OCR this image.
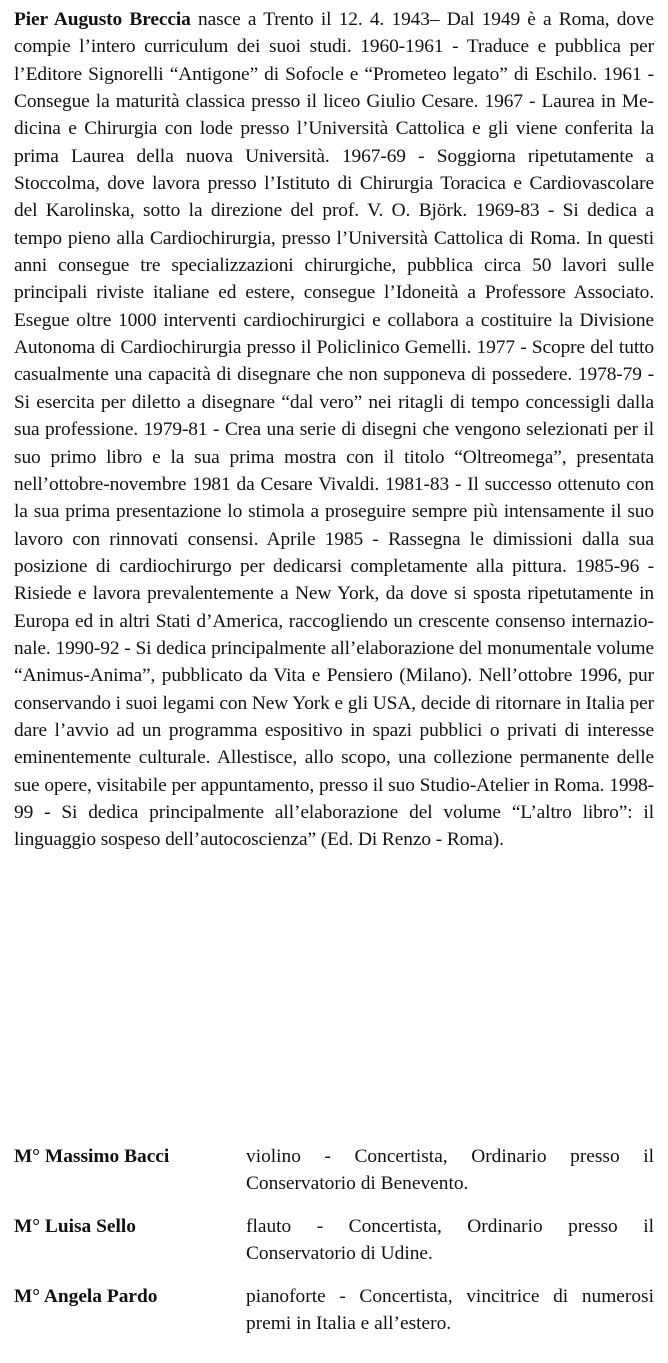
Pier Augusto Breccia nasce a Trento il 12. 4. 1943– Dal 1949 è a Roma, dove compie l’intero curriculum dei suoi studi. 1960-1961 - Traduce e pubblica per l’Editore Signorelli “Antigone” di Sofocle e “Prometeo legato” di Eschilo. 1961 - Consegue la maturità classica presso il liceo Giulio Cesare. 1967 - Laurea in Medicina e Chirurgia con lode presso l’Università Cattolica e gli viene conferita la prima Laurea della nuova Università. 1967-69 - Soggiorna ripetutamente a Stoccolma, dove lavora presso l’Istituto di Chirurgia Toracica e Cardiovascolare del Karolinska, sotto la direzione del prof. V. O. Björk. 1969-83 - Si dedica a tempo pieno alla Cardiochirurgia, presso l’Università Cattolica di Roma. In questi anni consegue tre specializzazioni chirurgiche, pubblica circa 50 lavori sulle principali riviste italiane ed estere, consegue l’Idoneità a Professore Associato. Esegue oltre 1000 interventi cardiochirurgici e collabora a costituire la Divisione Autonoma di Cardiochirurgia presso il Policlinico Gemelli. 1977 - Scopre del tutto casualmente una capacità di disegnare che non supponeva di possedere. 1978-79 - Si esercita per diletto a disegnare “dal vero” nei ritagli di tempo concessigli dalla sua professione. 1979-81 - Crea una serie di disegni che vengono selezionati per il suo primo libro e la sua prima mostra con il titolo “Oltreomega”, presentata nell’ottobre-novembre 1981 da Cesare Vivaldi. 1981-83 - Il successo ottenuto con la sua prima presentazione lo stimola a proseguire sempre più intensamente il suo lavoro con rinnovati consensi. Aprile 1985 - Rassegna le dimissioni dalla sua posizione di cardiochirurgo per dedicarsi completamente alla pittura. 1985-96 - Risiede e lavora prevalentemente a New York, da dove si sposta ripetutamente in Europa ed in altri Stati d’America, raccogliendo un crescente consenso internazionale. 1990-92 - Si dedica principalmente all’elaborazione del monumentale volume “Animus-Anima”, pubblicato da Vita e Pensiero (Milano). Nell’ottobre 1996, pur conservando i suoi legami con New York e gli USA, decide di ritornare in Italia per dare l’avvio ad un programma espositivo in spazi pubblici o privati di interesse eminentemente culturale. Allestisce, allo scopo, una collezione permanente delle sue opere, visitabile per appuntamento, presso il suo Studio-Atelier in Roma. 1998-99 - Si dedica principalmente all’elaborazione del volume “L’altro libro”: il linguaggio sospeso dell’autocoscienza” (Ed. Di Renzo - Roma).

M° Massimo Bacci	violino - Concertista, Ordinario presso il Conservatorio di Benevento.
M° Luisa Sello	flauto - Concertista, Ordinario presso il Conservatorio di Udine.
M° Angela Pardo	pianoforte - Concertista, vincitrice di numerosi premi in Italia e all’estero.
